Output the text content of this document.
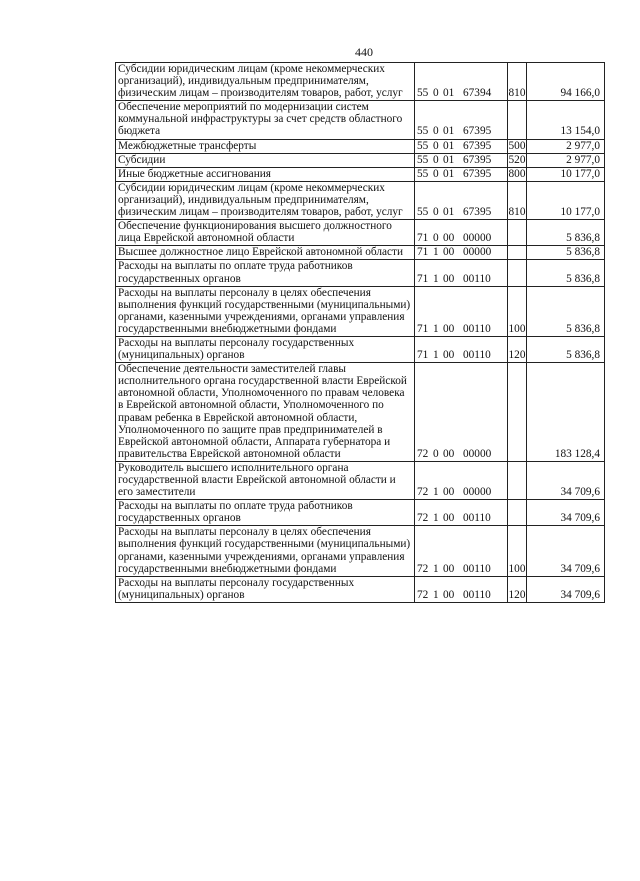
440
Субсидии юридическим лицам (кроме некоммерческих организаций), индивидуальным предпринимателям, физическим лицам – производителям товаров, работ, услуг	55 0 01 67394	810	94 166,0
Обеспечение мероприятий по модернизации систем коммунальной инфраструктуры за счет средств областного бюджета	55 0 01 67395		13 154,0
Межбюджетные трансферты	55 0 01 67395	500	2 977,0
Субсидии	55 0 01 67395	520	2 977,0
Иные бюджетные ассигнования	55 0 01 67395	800	10 177,0
Субсидии юридическим лицам (кроме некоммерческих организаций), индивидуальным предпринимателям, физическим лицам – производителям товаров, работ, услуг	55 0 01 67395	810	10 177,0
Обеспечение функционирования высшего должностного лица Еврейской автономной области	71 0 00 00000		5 836,8
Высшее должностное лицо Еврейской автономной области	71 1 00 00000		5 836,8
Расходы на выплаты по оплате труда работников государственных органов	71 1 00 00110		5 836,8
Расходы на выплаты персоналу в целях обеспечения выполнения функций государственными (муниципальными) органами, казенными учреждениями, органами управления государственными внебюджетными фондами	71 1 00 00110	100	5 836,8
Расходы на выплаты персоналу государственных (муниципальных) органов	71 1 00 00110	120	5 836,8
Обеспечение деятельности заместителей главы исполнительного органа государственной власти Еврейской автономной области, Уполномоченного по правам человека в Еврейской автономной области, Уполномоченного по правам ребенка в Еврейской автономной области, Уполномоченного по защите прав предпринимателей в Еврейской автономной области, Аппарата губернатора и правительства Еврейской автономной области	72 0 00 00000		183 128,4
Руководитель высшего исполнительного органа государственной власти Еврейской автономной области и его заместители	72 1 00 00000		34 709,6
Расходы на выплаты по оплате труда работников государственных органов	72 1 00 00110		34 709,6
Расходы на выплаты персоналу в целях обеспечения выполнения функций государственными (муниципальными) органами, казенными учреждениями, органами управления государственными внебюджетными фондами	72 1 00 00110	100	34 709,6
Расходы на выплаты персоналу государственных (муниципальных) органов	72 1 00 00110	120	34 709,6
